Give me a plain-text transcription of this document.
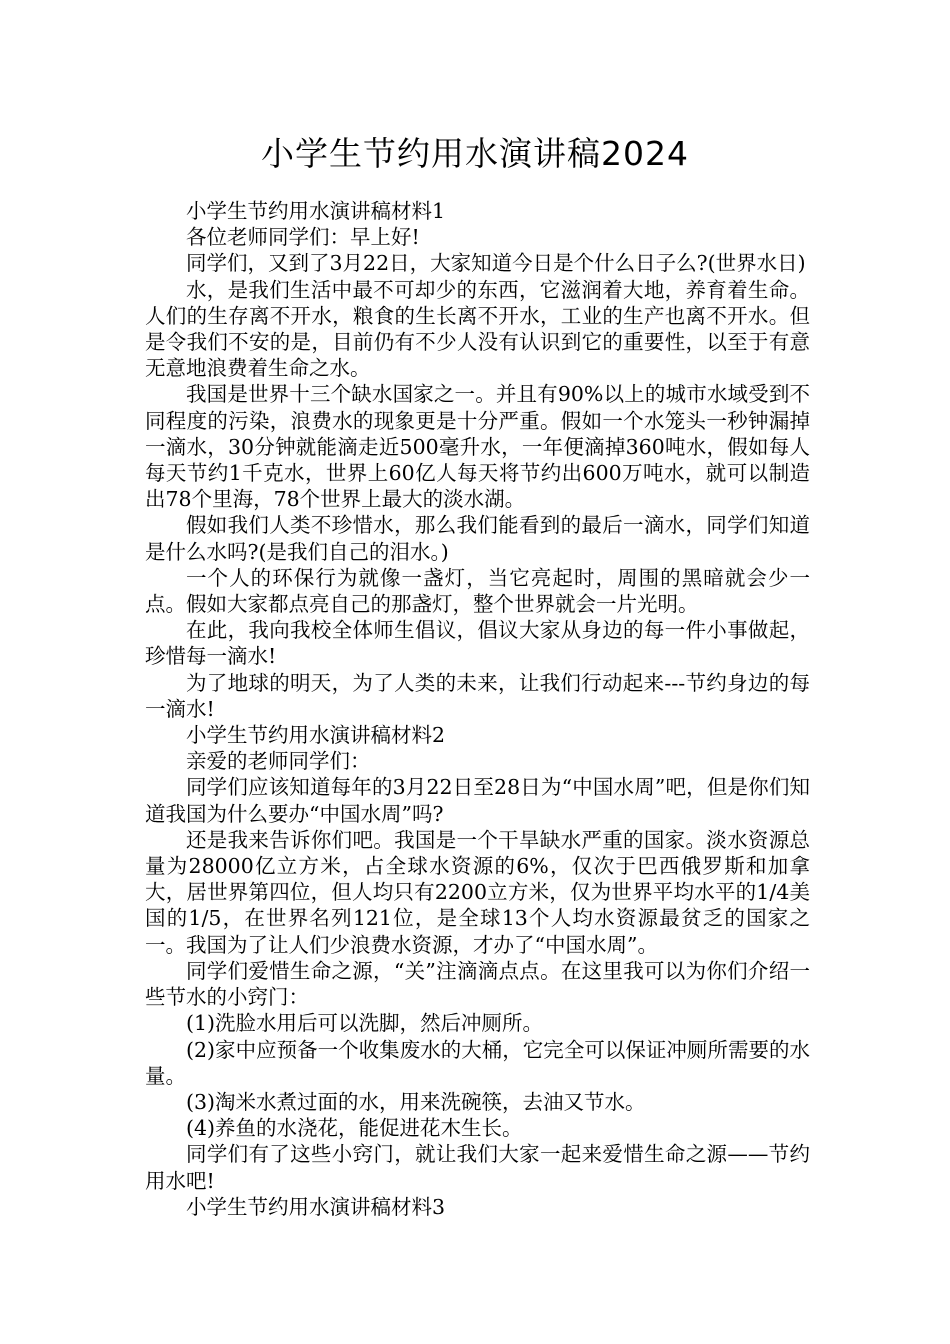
小学生节约用水演讲稿2024

小学生节约用水演讲稿材料1

各位老师同学们：早上好!

同学们，又到了3月22日，大家知道今日是个什么日子么?(世界水日)

水，是我们生活中最不可却少的东西，它滋润着大地，养育着生命。人们的生存离不开水，粮食的生长离不开水，工业的生产也离不开水。但是令我们不安的是，目前仍有不少人没有认识到它的重要性，以至于有意无意地浪费着生命之水。

我国是世界十三个缺水国家之一。并且有90%以上的城市水域受到不同程度的污染，浪费水的现象更是十分严重。假如一个水笼头一秒钟漏掉一滴水，30分钟就能滴走近500毫升水，一年便滴掉360吨水，假如每人每天节约1千克水，世界上60亿人每天将节约出600万吨水，就可以制造出78个里海，78个世界上最大的淡水湖。

假如我们人类不珍惜水，那么我们能看到的最后一滴水，同学们知道是什么水吗?(是我们自己的泪水。)

一个人的环保行为就像一盏灯，当它亮起时，周围的黑暗就会少一点。假如大家都点亮自己的那盏灯，整个世界就会一片光明。

在此，我向我校全体师生倡议，倡议大家从身边的每一件小事做起，珍惜每一滴水!

为了地球的明天，为了人类的未来，让我们行动起来---节约身边的每一滴水!

小学生节约用水演讲稿材料2

亲爱的老师同学们：

同学们应该知道每年的3月22日至28日为“中国水周”吧，但是你们知道我国为什么要办“中国水周”吗?

还是我来告诉你们吧。我国是一个干旱缺水严重的国家。淡水资源总量为28000亿立方米，占全球水资源的6%，仅次于巴西俄罗斯和加拿大，居世界第四位，但人均只有2200立方米，仅为世界平均水平的1/4美国的1/5，在世界名列121位，是全球13个人均水资源最贫乏的国家之一。我国为了让人们少浪费水资源，才办了“中国水周”。

同学们爱惜生命之源，“关”注滴滴点点。在这里我可以为你们介绍一些节水的小窍门：

(1)洗脸水用后可以洗脚，然后冲厕所。

(2)家中应预备一个收集废水的大桶，它完全可以保证冲厕所需要的水量。

(3)淘米水煮过面的水，用来洗碗筷，去油又节水。

(4)养鱼的水浇花，能促进花木生长。

同学们有了这些小窍门，就让我们大家一起来爱惜生命之源——节约用水吧!

小学生节约用水演讲稿材料3
